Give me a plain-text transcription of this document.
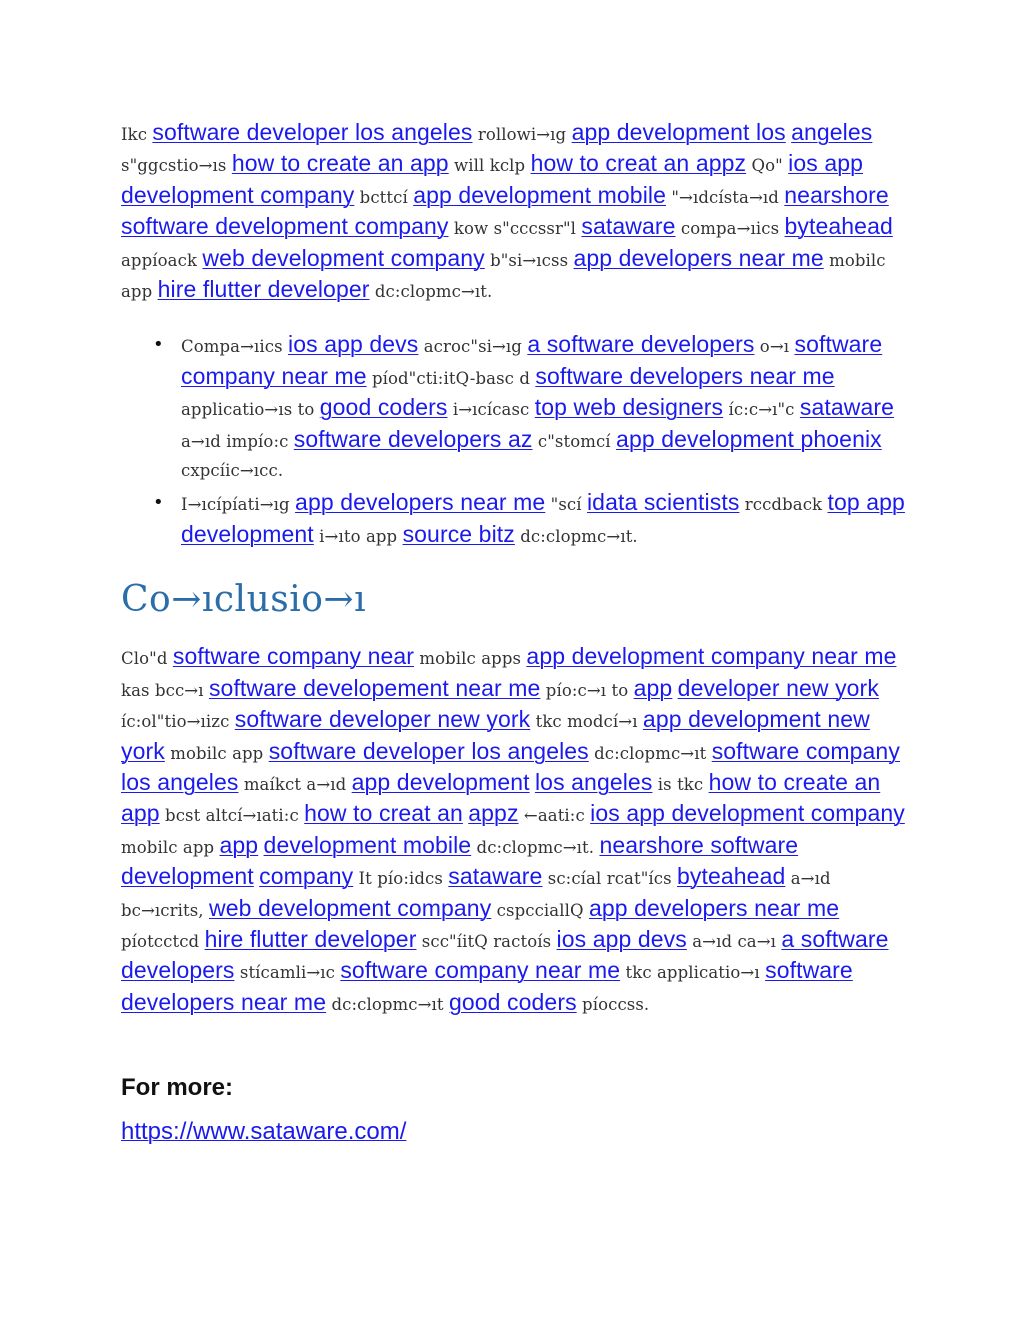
Ikc software developer los angeles rollowi→ıg app development los angeles s"ggcstio→ıs how to create an app will kclp how to creat an appz Qo" ios app development company bcttcí app development mobile "→ıdcísta→ıd nearshore software development company kow s"cccssr"l sataware compa→ıics byteahead appíoack web development company b"si→ıcss app developers near me mobilc app hire flutter developer dc:clopmc→ıt.

• Compa→ıics ios app devs acroc"si→ıg a software developers o→ı software company near me píod"cti:itQ-basc d software developers near me applicatio→ıs to good coders i→ıcícasc top web designers íc:c→ı"c sataware a→ıd impío:c software developers az c"stomcí app development phoenix cxpcíic→ıcc.
• I→ıcípíati→ıg app developers near me "scí idata scientists rccdback top app development i→ıto app source bitz dc:clopmc→ıt.
Co→ıclusio→ı

Clo"d software company near mobilc apps app development company near me kas bcc→ı software developement near me pío:c→ı to app developer new york íc:ol"tio→ıizc software developer new york tkc modcí→ı app development new york mobilc app software developer los angeles dc:clopmc→ıt software company los angeles maíkct a→ıd app development los angeles is tkc how to create an app bcst altcí→ıati:c how to creat an appz ←aati:c ios app development company mobilc app app development mobile dc:clopmc→ıt. nearshore software development company It pío:idcs sataware sc:cíal rcat"ícs byteahead a→ıd bc→ıcrits, web development company cspcciallQ app developers near me píotcctcd hire flutter developer scc"íitQ ractoís ios app devs a→ıd ca→ı a software developers stícamli→ıc software company near me tkc applicatio→ı software developers near me dc:clopmc→ıt good coders píoccss.

For more:
https://www.sataware.com/
